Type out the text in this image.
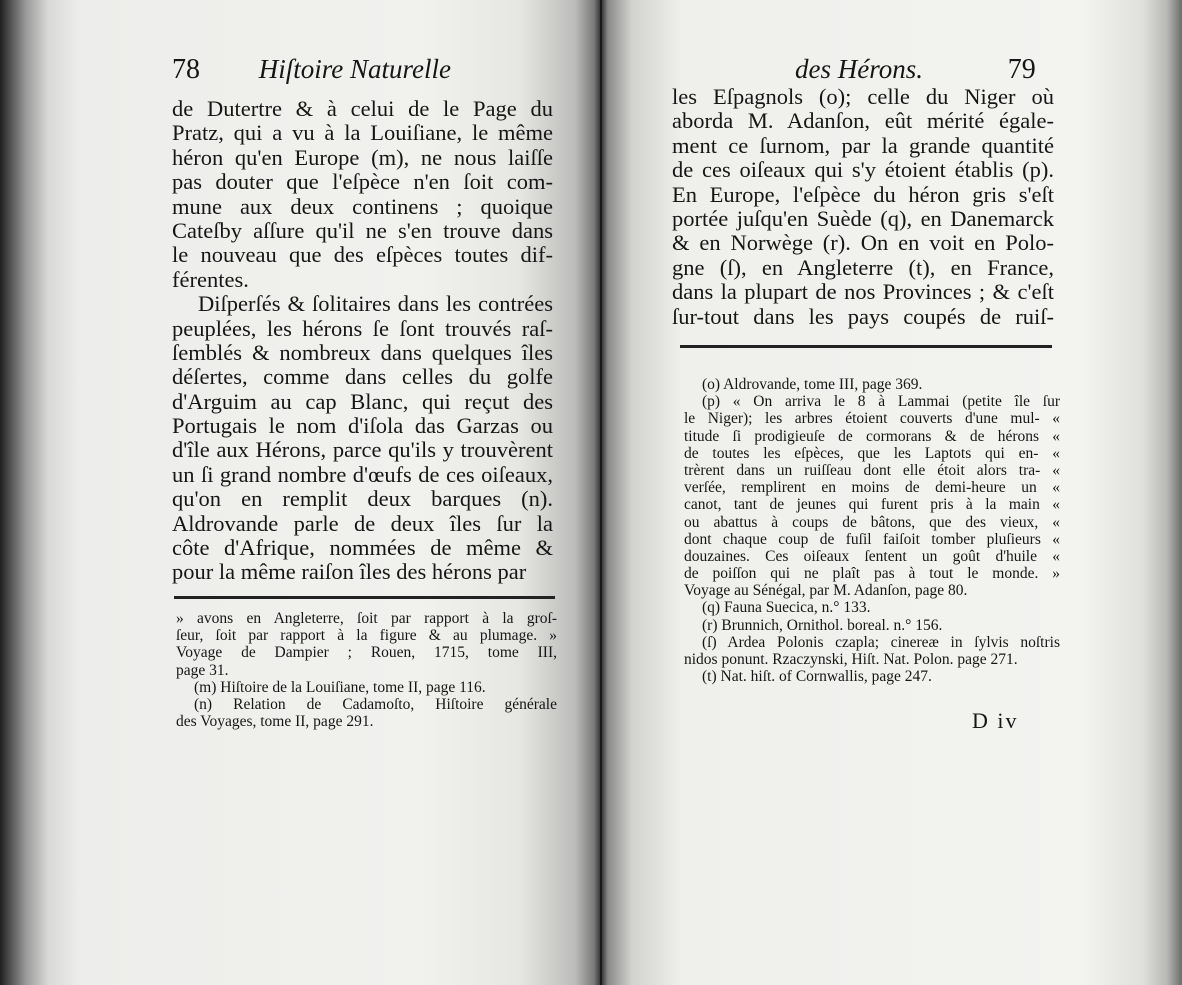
78 Hiſtoire Naturelle
de Dutertre & à celui de le Page du
Pratz, qui a vu à la Louiſiane, le même
héron qu'en Europe (m), ne nous laiſſe
pas douter que l'eſpèce n'en ſoit com-
mune aux deux continens ; quoique
Cateſby aſſure qu'il ne s'en trouve dans
le nouveau que des eſpèces toutes dif-
férentes.
Diſperſés & ſolitaires dans les contrées
peuplées, les hérons ſe ſont trouvés raſ-
ſemblés & nombreux dans quelques îles
déſertes, comme dans celles du golfe
d'Arguim au cap Blanc, qui reçut des
Portugais le nom d'iſola das Garzas ou
d'île aux Hérons, parce qu'ils y trouvèrent
un ſi grand nombre d'œufs de ces oiſeaux,
qu'on en remplit deux barques (n).
Aldrovande parle de deux îles ſur la
côte d'Afrique, nommées de même &
pour la même raiſon îles des hérons par
» avons en Angleterre, ſoit par rapport à la groſ-
ſeur, ſoit par rapport à la figure & au plumage. »
Voyage de Dampier ; Rouen, 1715, tome III,
page 31.
(m) Hiſtoire de la Louiſiane, tome II, page 116.
(n) Relation de Cadamoſto, Hiſtoire générale
des Voyages, tome II, page 291.
des Hérons.	79
les Eſpagnols (o); celle du Niger où
aborda M. Adanſon, eût mérité égale-
ment ce ſurnom, par la grande quantité
de ces oiſeaux qui s'y étoient établis (p).
En Europe, l'eſpèce du héron gris s'eſt
portée juſqu'en Suède (q), en Danemarck
& en Norwège (r). On en voit en Polo-
gne (ſ), en Angleterre (t), en France,
dans la plupart de nos Provinces ; & c'eſt
ſur-tout dans les pays coupés de ruiſ-
(o) Aldrovande, tome III, page 369.
(p) « On arriva le 8 à Lammai (petite île ſur
le Niger); les arbres étoient couverts d'une mul- «
titude ſi prodigieuſe de cormorans & de hérons «
de toutes les eſpèces, que les Laptots qui en- «
trèrent dans un ruiſſeau dont elle étoit alors tra- «
verſée, remplirent en moins de demi-heure un «
canot, tant de jeunes qui furent pris à la main «
ou abattus à coups de bâtons, que des vieux, «
dont chaque coup de fuſil faiſoit tomber pluſieurs «
douzaines. Ces oiſeaux ſentent un goût d'huile «
de poiſſon qui ne plaît pas à tout le monde. »
Voyage au Sénégal, par M. Adanſon, page 80.
(q) Fauna Suecica, n.° 133.
(r) Brunnich, Ornithol. boreal. n.° 156.
(ſ) Ardea Polonis czapla; cinereæ in ſylvis noſtris
nidos ponunt. Rzaczynski, Hiſt. Nat. Polon. page 271.
(t) Nat. hiſt. of Cornwallis, page 247.
D iv
